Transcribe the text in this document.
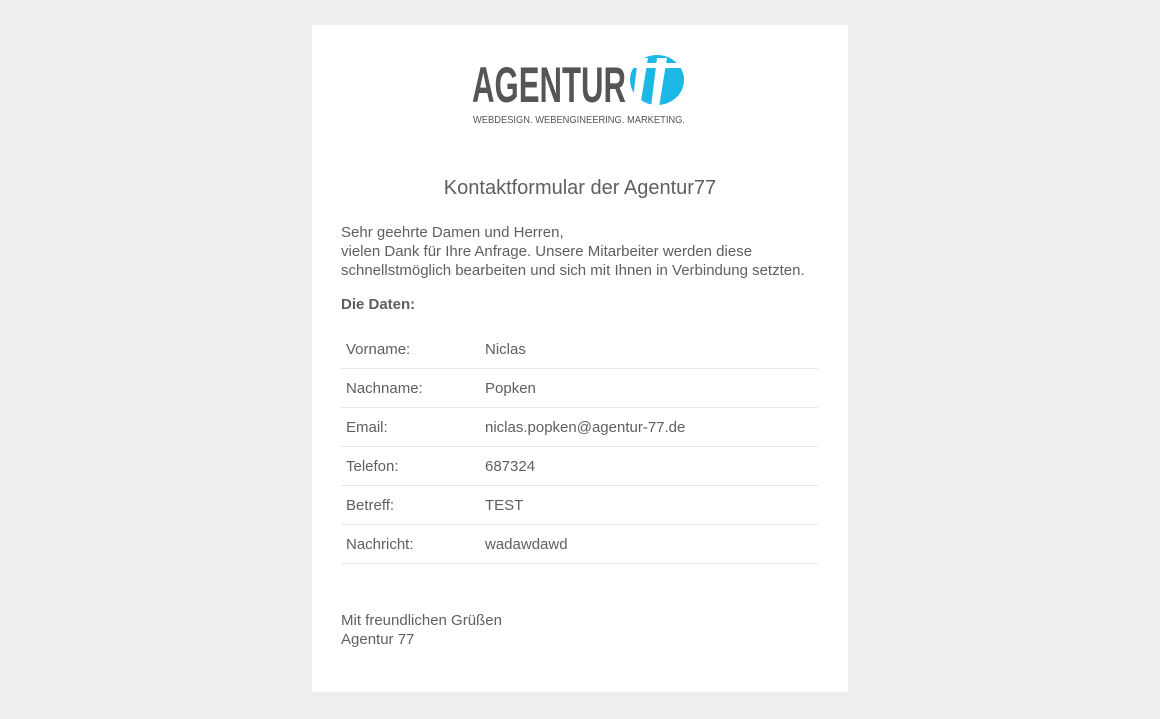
AGENTUR
WEBDESIGN. WEBENGINEERING. MARKETING.
Kontaktformular der Agentur77
Sehr geehrte Damen und Herren,
vielen Dank für Ihre Anfrage. Unsere Mitarbeiter werden diese
schnellstmöglich bearbeiten und sich mit Ihnen in Verbindung setzten.
Die Daten:
Vorname:	Niclas
Nachname:	Popken
Email:	niclas.popken@agentur-77.de
Telefon:	687324
Betreff:	TEST
Nachricht:	wadawdawd
Mit freundlichen Grüßen
Agentur 77
